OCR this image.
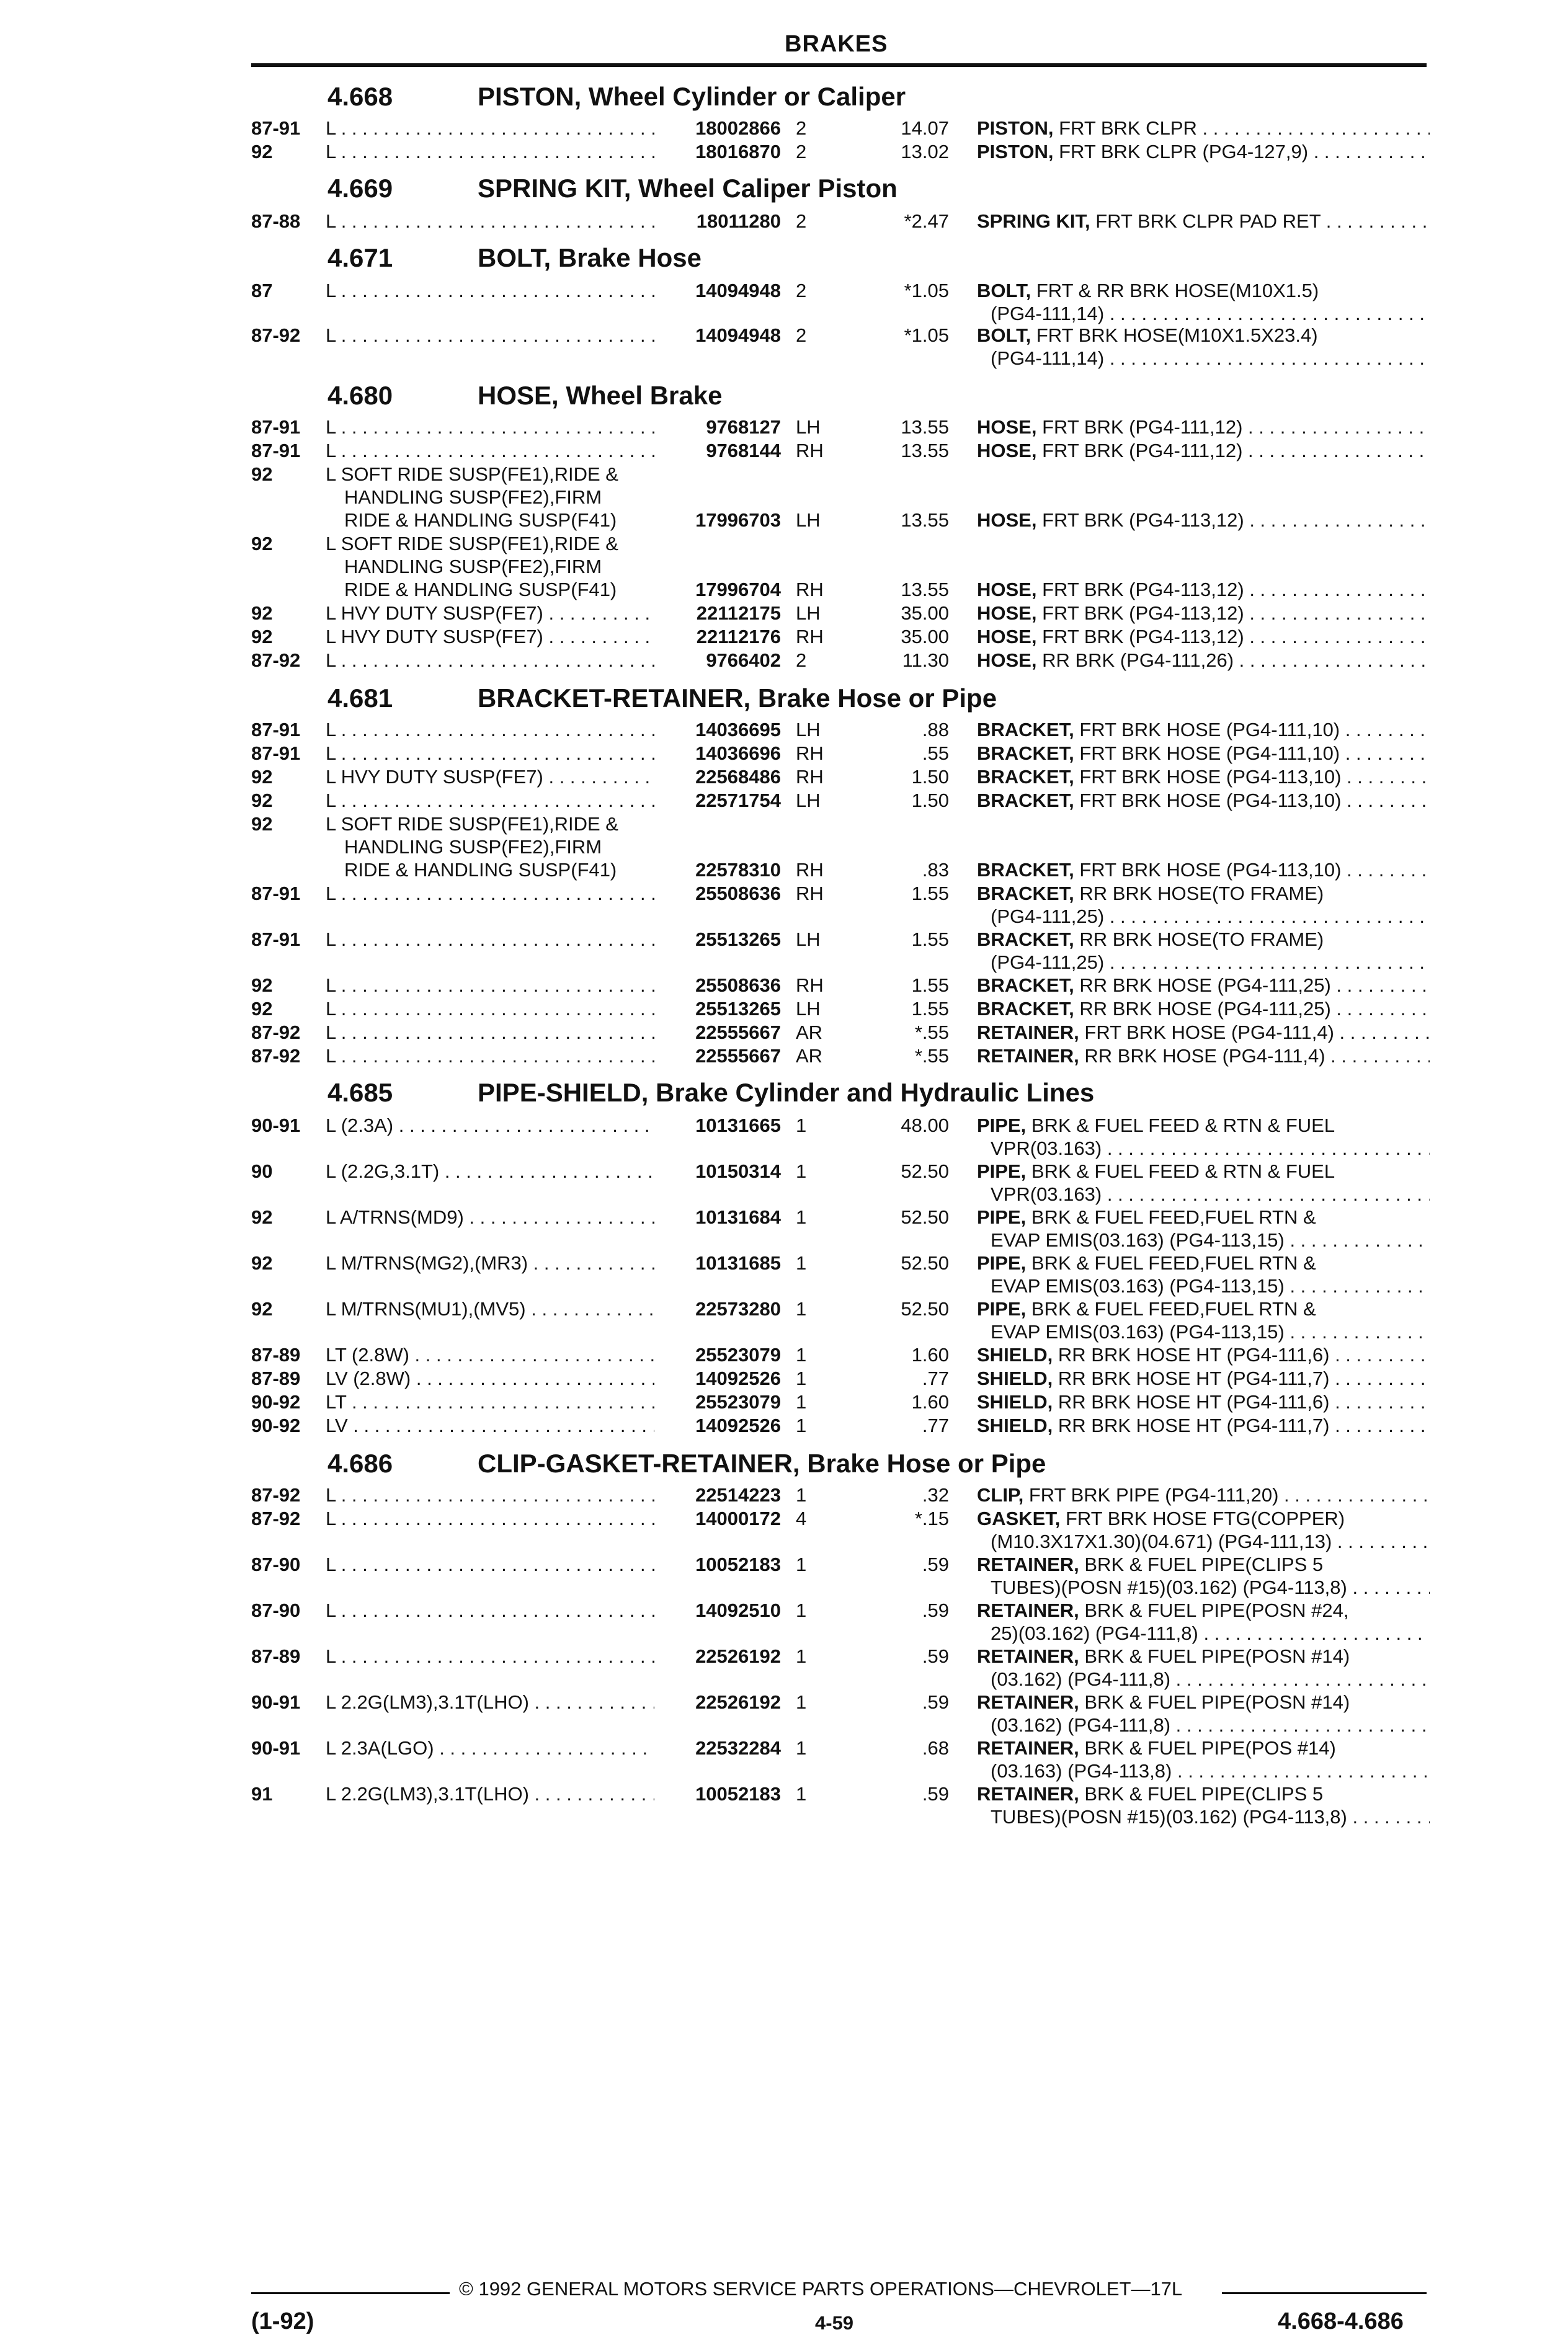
BRAKES
4.668	PISTON, Wheel Cylinder or Caliper
87-91 L . . .	18002866 2	14.07 PISTON, FRT BRK CLPR . . .
92	L . . .	18016870 2	13.02 PISTON, FRT BRK CLPR (PG4-127,9) . . .
4.669	SPRING KIT, Wheel Caliper Piston
87-88 L . . .	18011280 2	*2.47 SPRING KIT, FRT BRK CLPR PAD RET . . .
4.671	BOLT, Brake Hose
87	L . . .	14094948 2	*1.05 BOLT, FRT & RR BRK HOSE(M10X1.5)
(PG4-111,14) . . .
87-92 L . . .	14094948 2	*1.05 BOLT, FRT BRK HOSE(M10X1.5X23.4)
(PG4-111,14) . . .
4.680	HOSE, Wheel Brake
87-91 L . . .	9768127 LH	13.55 HOSE, FRT BRK (PG4-111,12) . . .
87-91 L . . .	9768144 RH	13.55 HOSE, FRT BRK (PG4-111,12) . . .
92	L SOFT RIDE SUSP(FE1),RIDE &
HANDLING SUSP(FE2),FIRM
RIDE & HANDLING SUSP(F41)	17996703 LH	13.55 HOSE, FRT BRK (PG4-113,12) . . .
92	L SOFT RIDE SUSP(FE1),RIDE &
HANDLING SUSP(FE2),FIRM
RIDE & HANDLING SUSP(F41)	17996704 RH	13.55 HOSE, FRT BRK (PG4-113,12) . . .
92	L HVY DUTY SUSP(FE7) . . .	22112175 LH	35.00 HOSE, FRT BRK (PG4-113,12) . . .
92	L HVY DUTY SUSP(FE7) . . .	22112176 RH	35.00 HOSE, FRT BRK (PG4-113,12) . . .
87-92 L . . .	9766402 2	11.30 HOSE, RR BRK (PG4-111,26) . . .
4.681	BRACKET-RETAINER, Brake Hose or Pipe
87-91 L . . .	14036695 LH	.88 BRACKET, FRT BRK HOSE (PG4-111,10) . . .
87-91 L . . .	14036696 RH	.55 BRACKET, FRT BRK HOSE (PG4-111,10) . . .
92	L HVY DUTY SUSP(FE7) . . .	22568486 RH	1.50 BRACKET, FRT BRK HOSE (PG4-113,10) . . .
92	L . . .	22571754 LH	1.50 BRACKET, FRT BRK HOSE (PG4-113,10) . . .
92	L SOFT RIDE SUSP(FE1),RIDE &
HANDLING SUSP(FE2),FIRM
RIDE & HANDLING SUSP(F41)	22578310 RH	.83 BRACKET, FRT BRK HOSE (PG4-113,10) . . .
87-91 L . . .	25508636 RH	1.55 BRACKET, RR BRK HOSE(TO FRAME)
(PG4-111,25) . . .
87-91 L . . .	25513265 LH	1.55 BRACKET, RR BRK HOSE(TO FRAME)
(PG4-111,25) . . .
92	L . . .	25508636 RH	1.55 BRACKET, RR BRK HOSE (PG4-111,25) . . .
92	L . . .	25513265 LH	1.55 BRACKET, RR BRK HOSE (PG4-111,25) . . .
87-92 L . . .	22555667 AR	*.55 RETAINER, FRT BRK HOSE (PG4-111,4) . . .
87-92 L . . .	22555667 AR	*.55 RETAINER, RR BRK HOSE (PG4-111,4) . . .
4.685	PIPE-SHIELD, Brake Cylinder and Hydraulic Lines
90-91 L (2.3A) . . .	10131665 1	48.00 PIPE, BRK & FUEL FEED & RTN & FUEL
VPR(03.163) . . .
90	L (2.2G,3.1T) . . .	10150314 1	52.50 PIPE, BRK & FUEL FEED & RTN & FUEL
VPR(03.163) . . .
92	L A/TRNS(MD9) . . .	10131684 1	52.50 PIPE, BRK & FUEL FEED,FUEL RTN &
EVAP EMIS(03.163) (PG4-113,15) . . .
92	L M/TRNS(MG2),(MR3) . . .	10131685 1	52.50 PIPE, BRK & FUEL FEED,FUEL RTN &
EVAP EMIS(03.163) (PG4-113,15) . . .
92	L M/TRNS(MU1),(MV5) . . .	22573280 1	52.50 PIPE, BRK & FUEL FEED,FUEL RTN &
EVAP EMIS(03.163) (PG4-113,15) . . .
87-89 LT (2.8W) . . .	25523079 1	1.60 SHIELD, RR BRK HOSE HT (PG4-111,6) . . .
87-89 LV (2.8W) . . .	14092526 1	.77 SHIELD, RR BRK HOSE HT (PG4-111,7) . . .
90-92 LT . . .	25523079 1	1.60 SHIELD, RR BRK HOSE HT (PG4-111,6) . . .
90-92 LV . . .	14092526 1	.77 SHIELD, RR BRK HOSE HT (PG4-111,7) . . .
4.686	CLIP-GASKET-RETAINER, Brake Hose or Pipe
87-92 L . . .	22514223 1	.32 CLIP, FRT BRK PIPE (PG4-111,20) . . .
87-92 L . . .	14000172 4	*.15 GASKET, FRT BRK HOSE FTG(COPPER)
(M10.3X17X1.30)(04.671) (PG4-111,13) . . .
87-90 L . . .	10052183 1	.59 RETAINER, BRK & FUEL PIPE(CLIPS 5
TUBES)(POSN #15)(03.162) (PG4-113,8) . . .
87-90 L . . .	14092510 1	.59 RETAINER, BRK & FUEL PIPE(POSN #24,
25)(03.162) (PG4-111,8) . . .
87-89 L . . .	22526192 1	.59 RETAINER, BRK & FUEL PIPE(POSN #14)
(03.162) (PG4-111,8) . . .
90-91 L 2.2G(LM3),3.1T(LHO) . . .	22526192 1	.59 RETAINER, BRK & FUEL PIPE(POSN #14)
(03.162) (PG4-111,8) . . .
90-91 L 2.3A(LGO) . . .	22532284 1	.68 RETAINER, BRK & FUEL PIPE(POS #14)
(03.163) (PG4-113,8) . . .
91	L 2.2G(LM3),3.1T(LHO) . . .	10052183 1	.59 RETAINER, BRK & FUEL PIPE(CLIPS 5
TUBES)(POSN #15)(03.162) (PG4-113,8) . . .
© 1992 GENERAL MOTORS SERVICE PARTS OPERATIONS—CHEVROLET—17L
(1-92)	4-59	4.668-4.686
